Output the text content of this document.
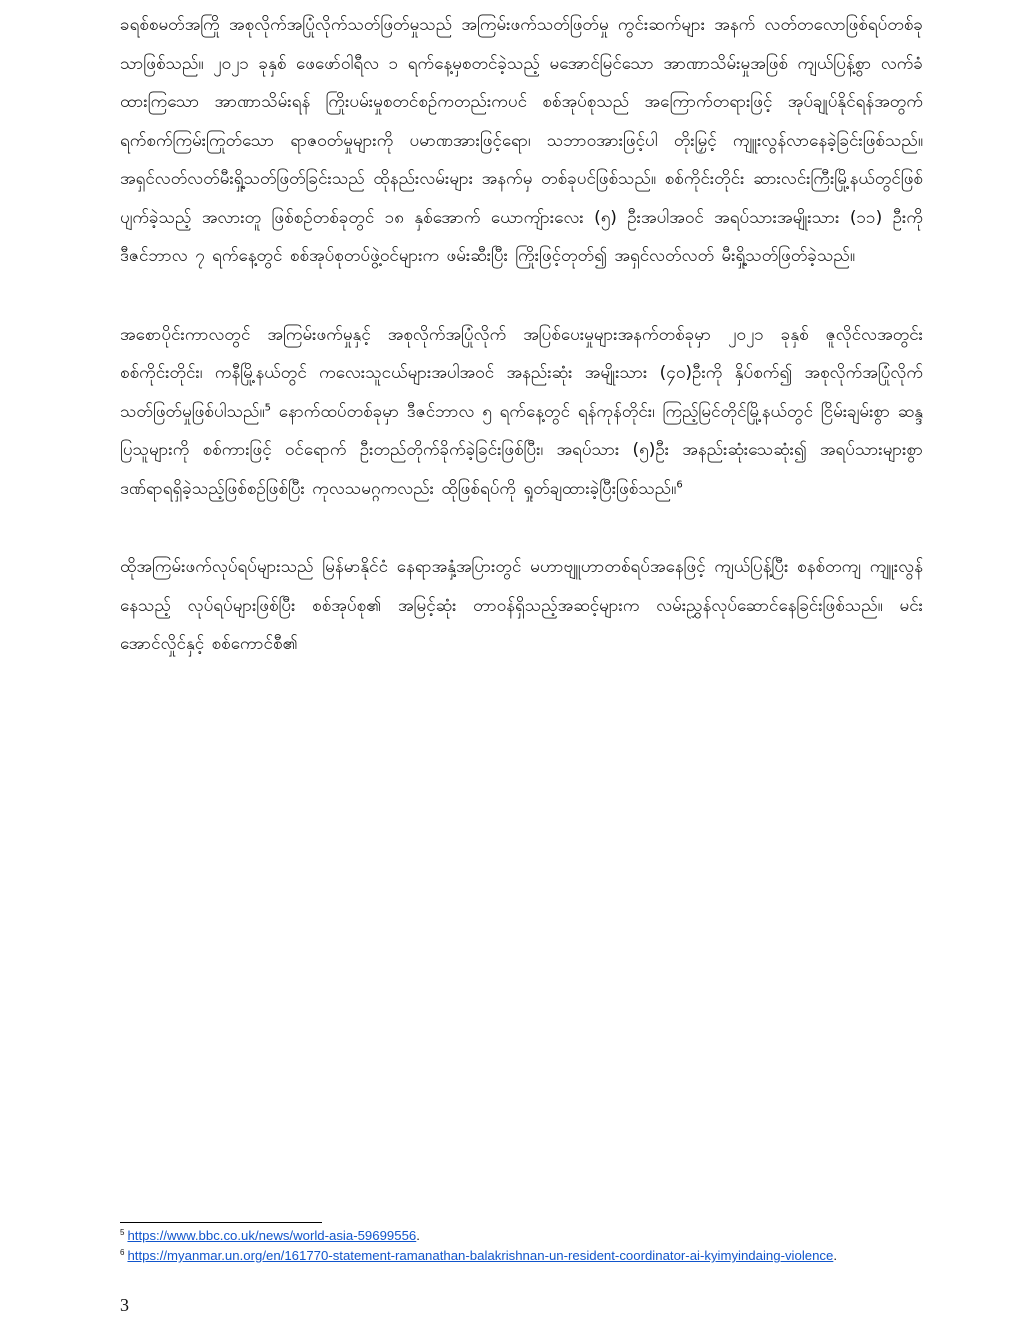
ခရစ်စမတ်အကြို အစုလိုက်အပြုံလိုက်သတ်ဖြတ်မှုသည် အကြမ်းဖက်သတ်ဖြတ်မှု ကွင်းဆက်များ အနက် လတ်တလောဖြစ်ရပ်တစ်ခုသာဖြစ်သည်။ ၂၀၂၁ ခုနှစ် ဖေဖော်ဝါရီလ ၁ ရက်နေ့မှစတင်ခဲ့သည့် မအောင်မြင်သော အာဏာသိမ်းမှုအဖြစ် ကျယ်ပြန့်စွာ လက်ခံထားကြသော အာဏာသိမ်းရန် ကြိုးပမ်းမှုစတင်စဉ်ကတည်းကပင် စစ်အုပ်စုသည် အကြောက်တရားဖြင့် အုပ်ချုပ်နိုင်ရန်အတွက် ရက်စက်ကြမ်းကြုတ်သော ရာဇဝတ်မှုများကို ပမာဏအားဖြင့်ရော၊ သဘာဝအားဖြင့်ပါ တိုးမြှင့် ကျူးလွန်လာနေခဲ့ခြင်းဖြစ်သည်။ အရှင်လတ်လတ်မီးရှို့သတ်ဖြတ်ခြင်းသည် ထိုနည်းလမ်းများ အနက်မှ တစ်ခုပင်ဖြစ်သည်။ စစ်ကိုင်းတိုင်း ဆားလင်းကြီးမြို့နယ်တွင်ဖြစ်ပျက်ခဲ့သည့် အလားတူ ဖြစ်စဉ်တစ်ခုတွင် ၁၈ နှစ်အောက် ယောကျ်ားလေး (၅) ဦးအပါအဝင် အရပ်သားအမျိုးသား (၁၁) ဦးကို ဒီဇင်ဘာလ ၇ ရက်နေ့တွင် စစ်အုပ်စုတပ်ဖွဲ့ဝင်များက ဖမ်းဆီးပြီး ကြိုးဖြင့်တုတ်၍ အရှင်လတ်လတ် မီးရှို့သတ်ဖြတ်ခဲ့သည်။

အစောပိုင်းကာလတွင် အကြမ်းဖက်မှုနှင့် အစုလိုက်အပြုံလိုက် အပြစ်ပေးမှုများအနက်တစ်ခုမှာ ၂၀၂၁ ခုနှစ် ဇူလိုင်လအတွင်း စစ်ကိုင်းတိုင်း၊ ကနီမြို့နယ်တွင် ကလေးသူငယ်များအပါအဝင် အနည်းဆုံး အမျိုးသား (၄၀)ဦးကို နှိပ်စက်၍ အစုလိုက်အပြုံလိုက်သတ်ဖြတ်မှုဖြစ်ပါသည်။$^5$ နောက်ထပ်တစ်ခုမှာ ဒီဇင်ဘာလ ၅ ရက်နေ့တွင် ရန်ကုန်တိုင်း၊ ကြည့်မြင်တိုင်မြို့နယ်တွင် ငြိမ်းချမ်းစွာ ဆန္ဒပြသူများကို စစ်ကားဖြင့် ဝင်ရောက် ဦးတည်တိုက်ခိုက်ခဲ့ခြင်းဖြစ်ပြီး၊ အရပ်သား (၅)ဦး အနည်းဆုံးသေဆုံး၍ အရပ်သားများစွာ ဒဏ်ရာရရှိခဲ့သည့်ဖြစ်စဉ်ဖြစ်ပြီး ကုလသမဂ္ဂကလည်း ထိုဖြစ်ရပ်ကို ရှုတ်ချထားခဲ့ပြီးဖြစ်သည်။$^6$

ထိုအကြမ်းဖက်လုပ်ရပ်များသည် မြန်မာနိုင်ငံ နေရာအနှံ့အပြားတွင် မဟာဗျူဟာတစ်ရပ်အနေဖြင့် ကျယ်ပြန့်ပြီး စနစ်တကျ ကျူးလွန်နေသည့် လုပ်ရပ်များဖြစ်ပြီး စစ်အုပ်စု၏ အမြင့်ဆုံး တာဝန်ရှိသည့်အဆင့်များက လမ်းညွှန်လုပ်ဆောင်နေခြင်းဖြစ်သည်။ မင်းအောင်လှိုင်နှင့် စစ်ကောင်စီ၏

$^5$ https://www.bbc.co.uk/news/world-asia-59699556.
$^6$ https://myanmar.un.org/en/161770-statement-ramanathan-balakrishnan-un-resident-coordinator-ai-kyimyindaing-violence.
3
